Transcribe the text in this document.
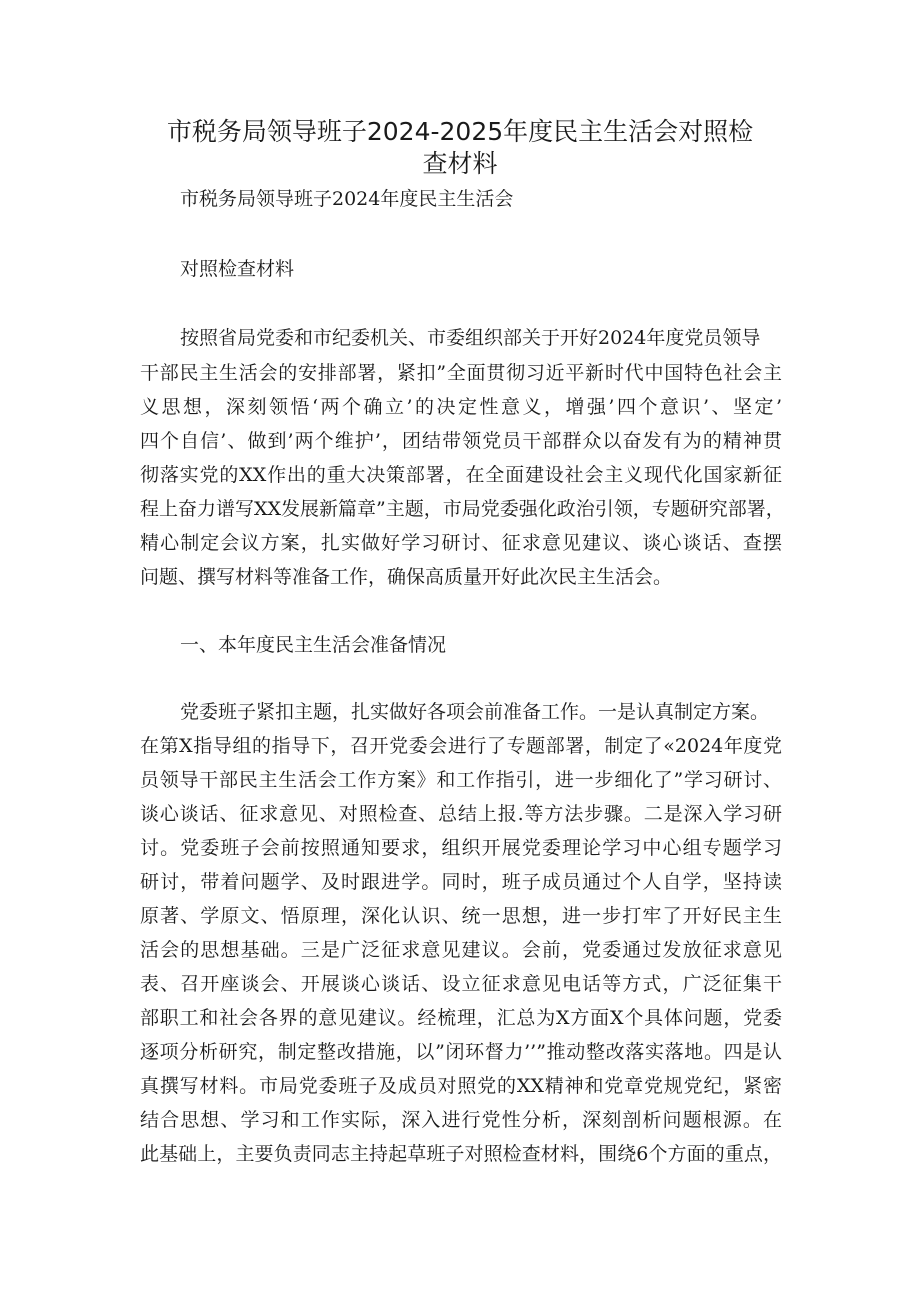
市税务局领导班子2024-2025年度民主生活会对照检
查材料

市税务局领导班子2024年度民主生活会

对照检查材料

按照省局党委和市纪委机关、市委组织部关于开好2024年度党员领导

干部民主生活会的安排部署，紧扣”全面贯彻习近平新时代中国特色社会主

义思想，深刻领悟‘两个确立’的决定性意义，增强’四个意识’、坚定’

四个自信’、做到’两个维护’，团结带领党员干部群众以奋发有为的精神贯

彻落实党的XX作出的重大决策部署，在全面建设社会主义现代化国家新征

程上奋力谱写XX发展新篇章”主题，市局党委强化政治引领，专题研究部署，

精心制定会议方案，扎实做好学习研讨、征求意见建议、谈心谈话、查摆

问题、撰写材料等准备工作，确保高质量开好此次民主生活会。

一、本年度民主生活会准备情况

党委班子紧扣主题，扎实做好各项会前准备工作。一是认真制定方案。

在第X指导组的指导下，召开党委会进行了专题部署，制定了«2024年度党

员领导干部民主生活会工作方案》和工作指引，进一步细化了”学习研讨、

谈心谈话、征求意见、对照检查、总结上报.等方法步骤。二是深入学习研

讨。党委班子会前按照通知要求，组织开展党委理论学习中心组专题学习

研讨，带着问题学、及时跟进学。同时，班子成员通过个人自学，坚持读

原著、学原文、悟原理，深化认识、统一思想，进一步打牢了开好民主生

活会的思想基础。三是广泛征求意见建议。会前，党委通过发放征求意见

表、召开座谈会、开展谈心谈话、设立征求意见电话等方式，广泛征集干

部职工和社会各界的意见建议。经梳理，汇总为X方面X个具体问题，党委

逐项分析研究，制定整改措施，以”闭环督力’’”推动整改落实落地。四是认

真撰写材料。市局党委班子及成员对照党的XX精神和党章党规党纪，紧密

结合思想、学习和工作实际，深入进行党性分析，深刻剖析问题根源。在

此基础上，主要负责同志主持起草班子对照检查材料，围绕6个方面的重点，
